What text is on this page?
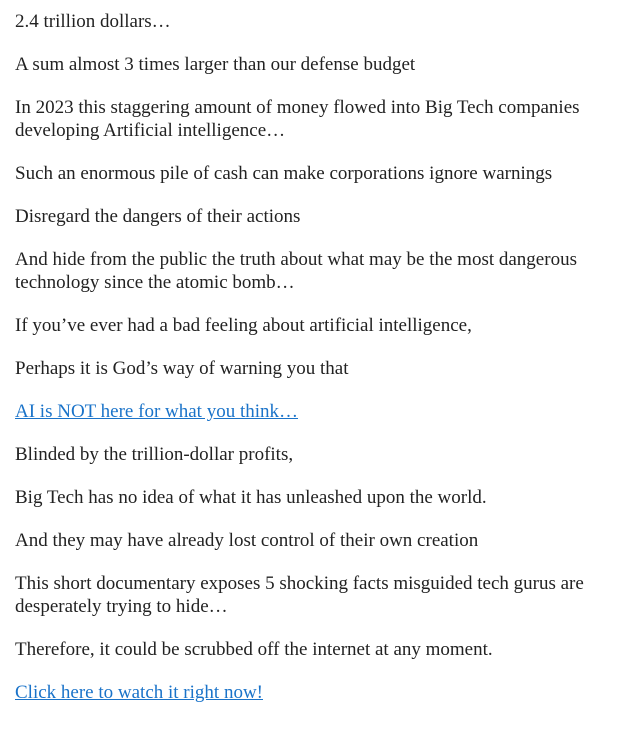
2.4 trillion dollars…

A sum almost 3 times larger than our defense budget

In 2023 this staggering amount of money flowed into Big Tech companies developing Artificial intelligence…

Such an enormous pile of cash can make corporations ignore warnings

Disregard the dangers of their actions

And hide from the public the truth about what may be the most dangerous technology since the atomic bomb…

If you’ve ever had a bad feeling about artificial intelligence,

Perhaps it is God’s way of warning you that

AI is NOT here for what you think…

Blinded by the trillion-dollar profits,

Big Tech has no idea of what it has unleashed upon the world.

And they may have already lost control of their own creation

This short documentary exposes 5 shocking facts misguided tech gurus are desperately trying to hide…

Therefore, it could be scrubbed off the internet at any moment.

Click here to watch it right now!
